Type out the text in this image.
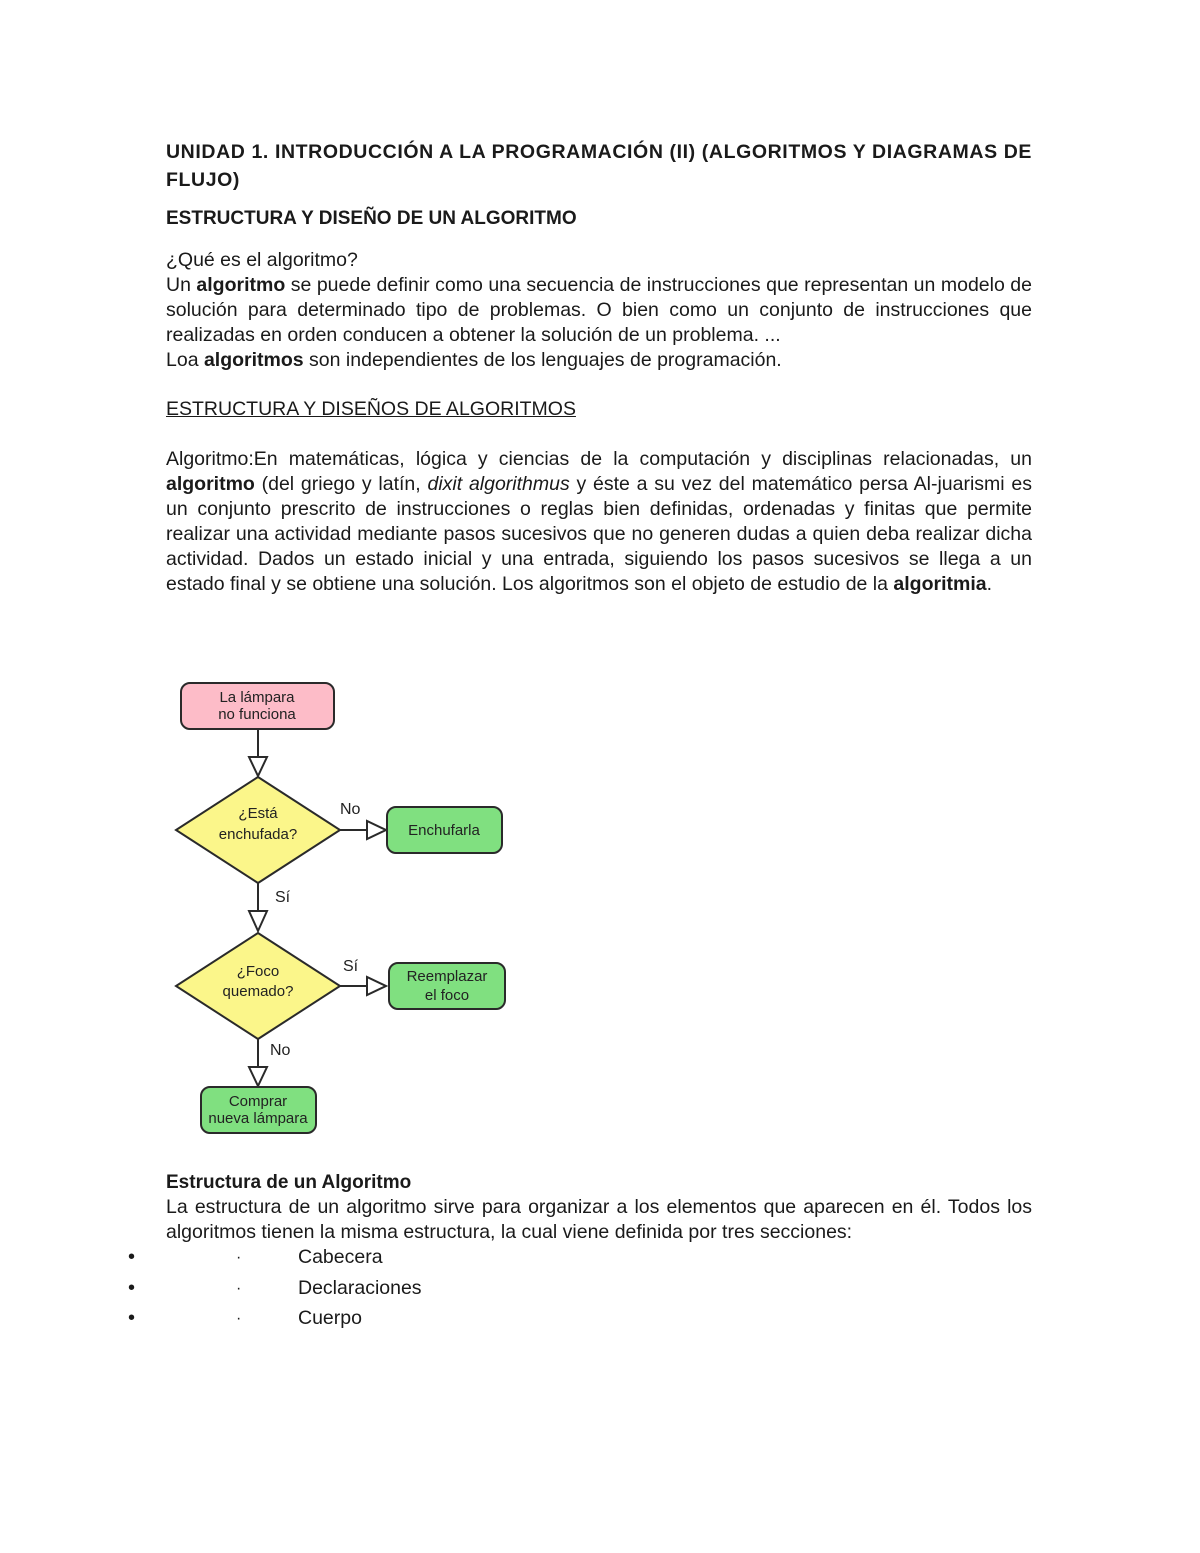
UNIDAD 1. INTRODUCCIÓN A LA PROGRAMACIÓN (II) (ALGORITMOS Y DIAGRAMAS DE FLUJO)

ESTRUCTURA Y DISEÑO DE UN ALGORITMO

¿Qué es el algoritmo?

Un algoritmo se puede definir como una secuencia de instrucciones que representan un modelo de solución para determinado tipo de problemas. O bien como un conjunto de instrucciones que realizadas en orden conducen a obtener la solución de un problema. ...

Loa algoritmos son independientes de los lenguajes de programación.

ESTRUCTURA Y DISEÑOS DE ALGORITMOS

Algoritmo:En matemáticas, lógica y ciencias de la computación y disciplinas relacionadas, un algoritmo (del griego y latín, dixit algorithmus y éste a su vez del matemático persa Al-juarismi es un conjunto prescrito de instrucciones o reglas bien definidas, ordenadas y finitas que permite realizar una actividad mediante pasos sucesivos que no generen dudas a quien deba realizar dicha actividad. Dados un estado inicial y una entrada, siguiendo los pasos sucesivos se llega a un estado final y se obtiene una solución. Los algoritmos son el objeto de estudio de la algoritmia.

La lámpara
no funciona
¿Está
enchufada?
No
Enchufarla
Sí
¿Foco
quemado?
Sí
Reemplazar
el foco
No
Comprar
nueva lámpara

Estructura de un Algoritmo

La estructura de un algoritmo sirve para organizar a los elementos que aparecen en él. Todos los algoritmos tienen la misma estructura, la cual viene definida por tres secciones:

•	·	Cabecera
•	·	Declaraciones
•	·	Cuerpo
